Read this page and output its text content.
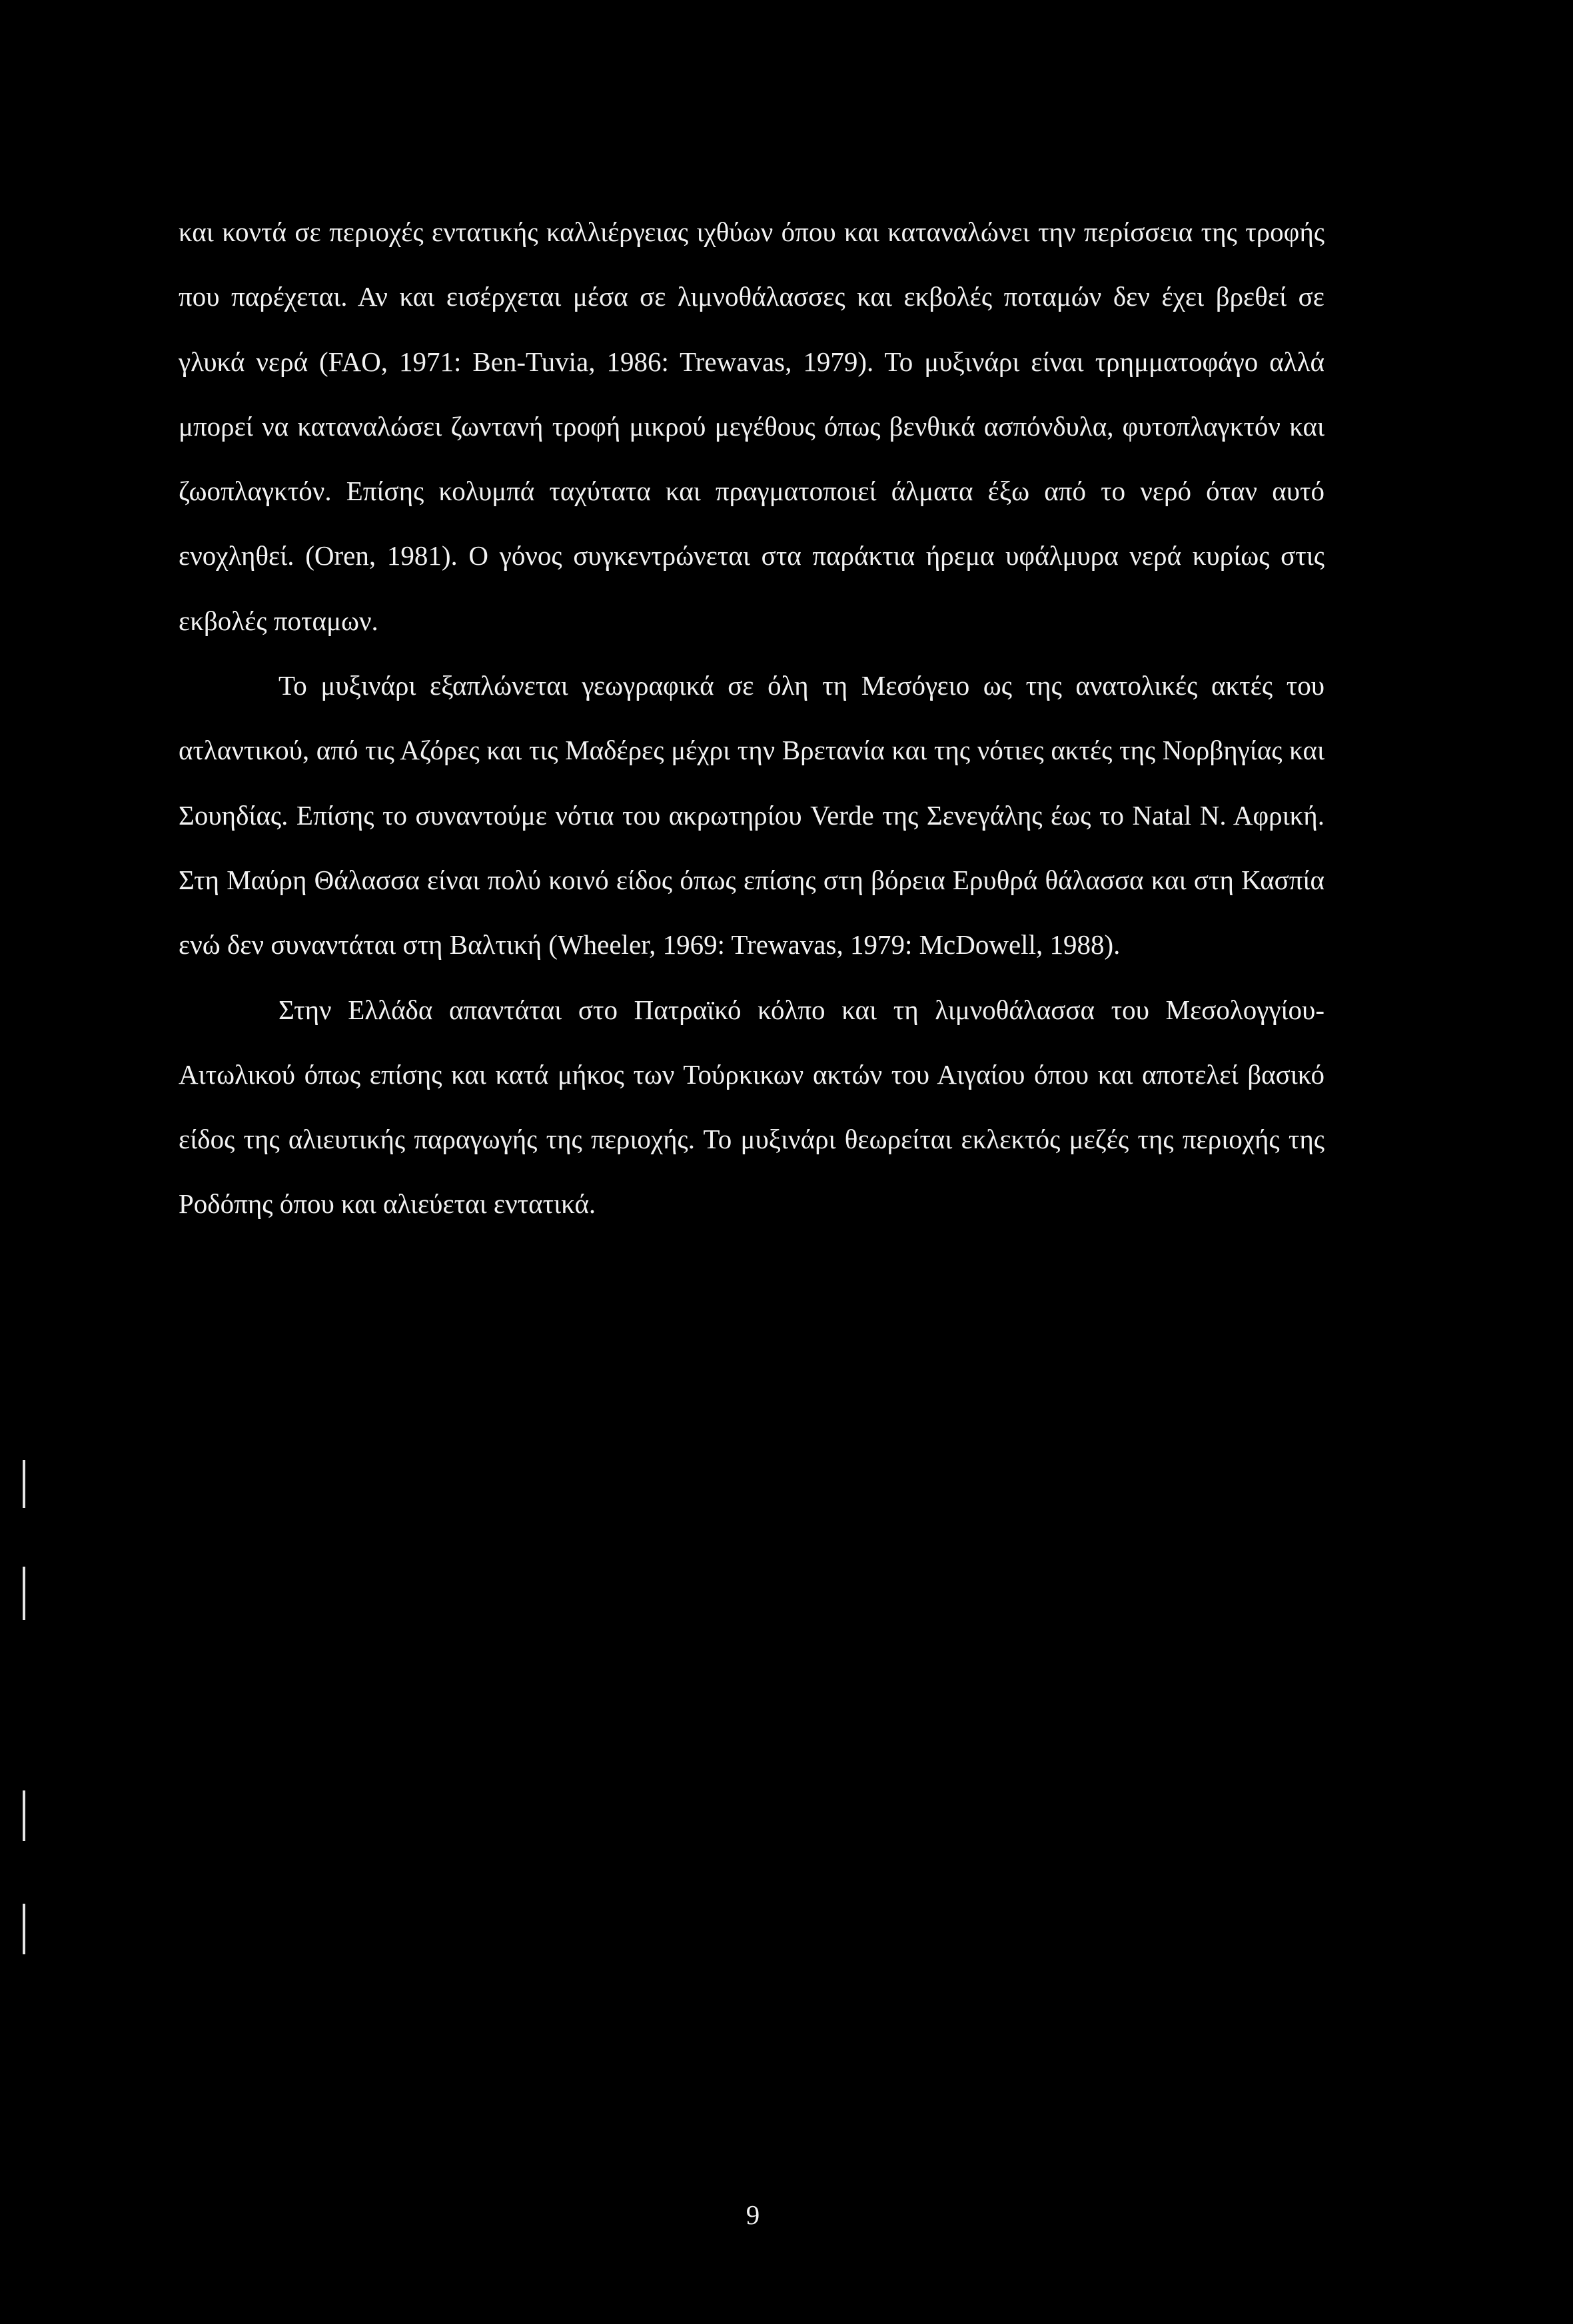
και κοντά σε περιοχές εντατικής καλλιέργειας ιχθύων όπου και καταναλώνει την περίσσεια της τροφής που παρέχεται. Αν και εισέρχεται μέσα σε λιμνοθάλασσες και εκβολές ποταμών δεν έχει βρεθεί σε γλυκά νερά (FAO, 1971: Ben-Tuvia, 1986: Trewavas, 1979). Το μυξινάρι είναι τρημματοφάγο αλλά μπορεί να καταναλώσει ζωντανή τροφή μικρού μεγέθους όπως βενθικά ασπόνδυλα, φυτοπλαγκτόν και ζωοπλαγκτόν. Επίσης κολυμπά ταχύτατα και πραγματοποιεί άλματα έξω από το νερό όταν αυτό ενοχληθεί. (Oren, 1981). Ο γόνος συγκεντρώνεται στα παράκτια ήρεμα υφάλμυρα νερά κυρίως στις εκβολές ποταμων.

Το μυξινάρι εξαπλώνεται γεωγραφικά σε όλη τη Μεσόγειο ως της ανατολικές ακτές του ατλαντικού, από τις Αζόρες και τις Μαδέρες μέχρι την Βρετανία και της νότιες ακτές της Νορβηγίας και Σουηδίας. Επίσης το συναντούμε νότια του ακρωτηρίου Verde της Σενεγάλης έως το Natal Ν. Αφρική. Στη Μαύρη Θάλασσα είναι πολύ κοινό είδος όπως επίσης στη βόρεια Ερυθρά θάλασσα και στη Κασπία ενώ δεν συναντάται στη Βαλτική (Wheeler, 1969: Trewavas, 1979: McDowell, 1988).

Στην Ελλάδα απαντάται στο Πατραϊκό κόλπο και τη λιμνοθάλασσα του Μεσολογγίου-Αιτωλικού όπως επίσης και κατά μήκος των Τούρκικων ακτών του Αιγαίου όπου και αποτελεί βασικό είδος της αλιευτικής παραγωγής της περιοχής. Το μυξινάρι θεωρείται εκλεκτός μεζές της περιοχής της Ροδόπης όπου και αλιεύεται εντατικά.

9
